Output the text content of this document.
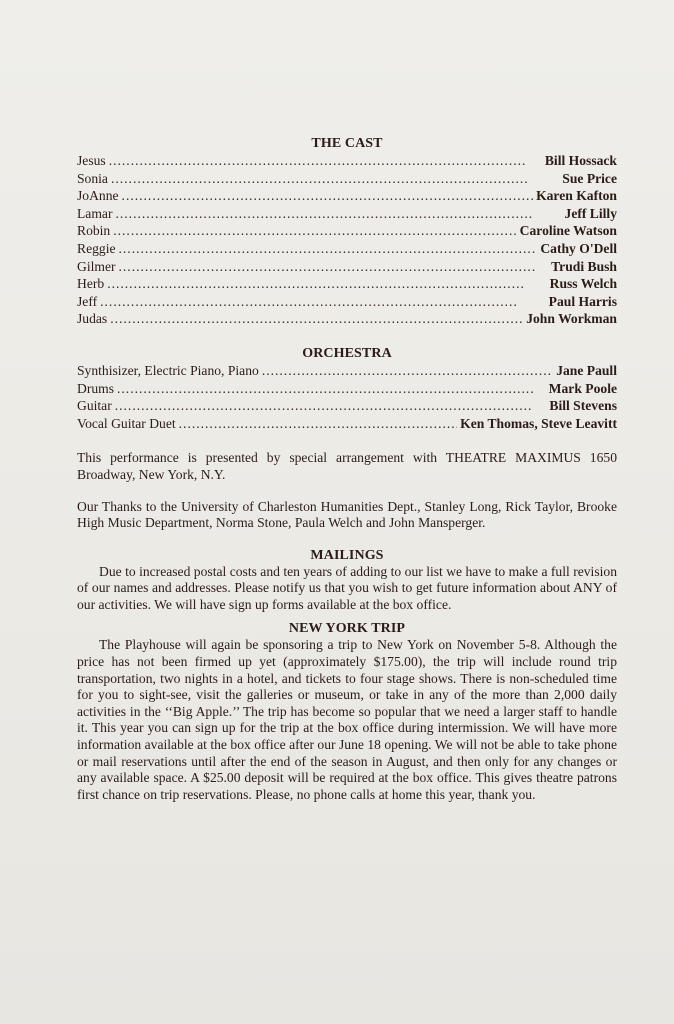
THE CAST
Jesus . . .	Bill Hossack
Sonia . . .	Sue Price
JoAnne . . .	Karen Kafton
Lamar . . .	Jeff Lilly
Robin . . .	Caroline Watson
Reggie . . .	Cathy O'Dell
Gilmer . . .	Trudi Bush
Herb . . .	Russ Welch
Jeff . . .	Paul Harris
Judas . . .	John Workman
ORCHESTRA
Synthisizer, Electric Piano, Piano . . .	Jane Paull
Drums . . .	Mark Poole
Guitar . . .	Bill Stevens
Vocal Guitar Duet . . .	Ken Thomas, Steve Leavitt

This performance is presented by special arrangement with THEATRE MAXIMUS 1650 Broadway, New York, N.Y.

Our Thanks to the University of Charleston Humanities Dept., Stanley Long, Rick Taylor, Brooke High Music Department, Norma Stone, Paula Welch and John Mansperger.

MAILINGS

Due to increased postal costs and ten years of adding to our list we have to make a full revision of our names and addresses. Please notify us that you wish to get future information about ANY of our activities. We will have sign up forms available at the box office.

NEW YORK TRIP

The Playhouse will again be sponsoring a trip to New York on November 5-8. Although the price has not been firmed up yet (approximately $175.00), the trip will include round trip transportation, two nights in a hotel, and tickets to four stage shows. There is non-scheduled time for you to sight-see, visit the galleries or museum, or take in any of the more than 2,000 daily activities in the ‘‘Big Apple.’’ The trip has become so popular that we need a larger staff to handle it. This year you can sign up for the trip at the box office during intermission. We will have more information available at the box office after our June 18 opening. We will not be able to take phone or mail reservations until after the end of the season in August, and then only for any changes or any available space. A $25.00 deposit will be required at the box office. This gives theatre patrons first chance on trip reservations. Please, no phone calls at home this year, thank you.
